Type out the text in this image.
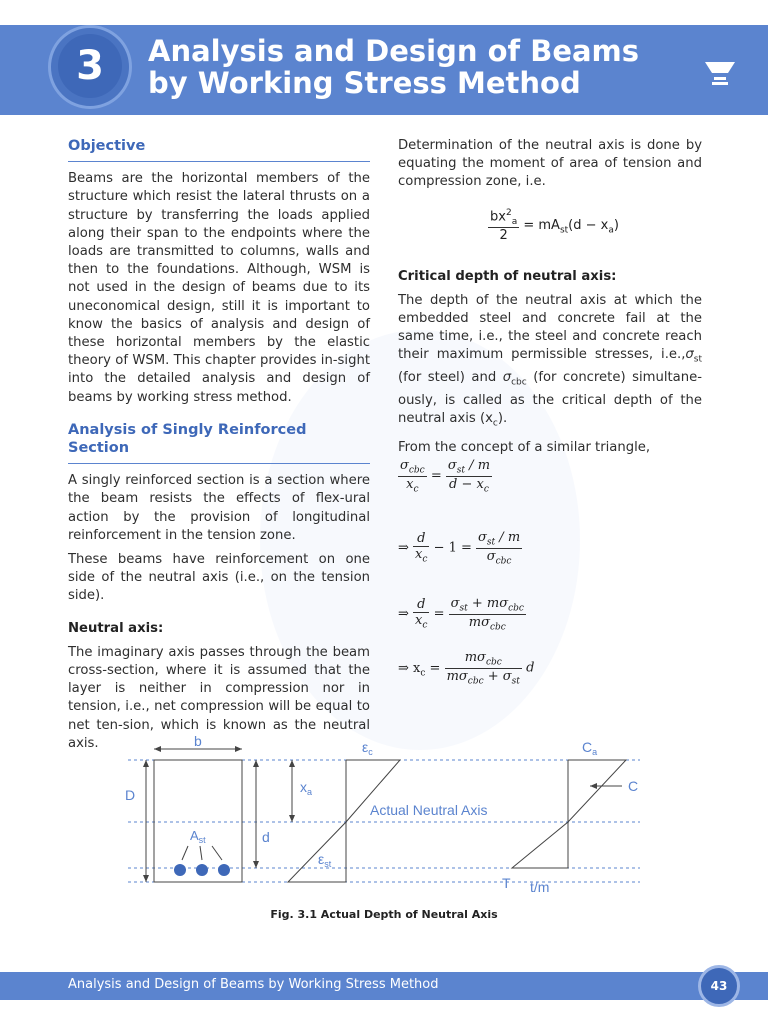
3	Analysis and Design of Beams
by Working Stress Method
Objective
Beams are the horizontal members of the structure which resist the lateral thrusts on a structure by transferring the loads applied along their span to the endpoints where the loads are transmitted to columns, walls and then to the foundations. Although, WSM is not used in the design of beams due to its uneconomical design, still it is important to know the basics of analysis and design of these horizontal members by the elastic theory of WSM. This chapter provides in-sight into the detailed analysis and design of beams by working stress method.
Analysis of Singly Reinforced Section
A singly reinforced section is a section where the beam resists the effects of flex-ural action by the provision of longitudinal reinforcement in the tension zone.
These beams have reinforcement on one side of the neutral axis (i.e., on the tension side).
Neutral axis:
The imaginary axis passes through the beam cross-section, where it is assumed that the layer is neither in compression nor in tension, i.e., net compression will be equal to net ten-sion, which is known as the neutral axis.
Determination of the neutral axis is done by equating the moment of area of tension and compression zone, i.e.
Critical depth of neutral axis:
The depth of the neutral axis at which the embedded steel and concrete fail at the same time, i.e., the steel and concrete reach their maximum permissible stresses, $i.e.,\sigma_{st}$ (for steel) and $\sigma_{cbc}$ (for concrete) simultane-ously, is called as the critical depth of the neutral axis $(x_c)$.
From the concept of a similar triangle,
$\frac{bx^2_a}{2} = mA_{st}(d - x_a)$
$\frac{\sigma_{cbc}}{x_c} = \frac{\sigma_{st} / m}{d - x_c}$
⇒ $\frac{d}{x_c} - 1 = \frac{\sigma_{st} / m}{\sigma_{cbc}}$
⇒ $\frac{d}{x_c} = \frac{\sigma_{st} + m\sigma_{cbc}}{m\sigma_{cbc}}$
⇒ $x_c = \frac{m\sigma_{cbc}}{m\sigma_{cbc} + \sigma_{st}}$ d
b
D
d
$x_a$
$A_{st}$
$\varepsilon_c$
$\varepsilon_{st}$
Actual Neutral Axis
$C_a$
C
T t/m
Fig. 3.1 Actual Depth of Neutral Axis
Analysis and Design of Beams by Working Stress Method	43
